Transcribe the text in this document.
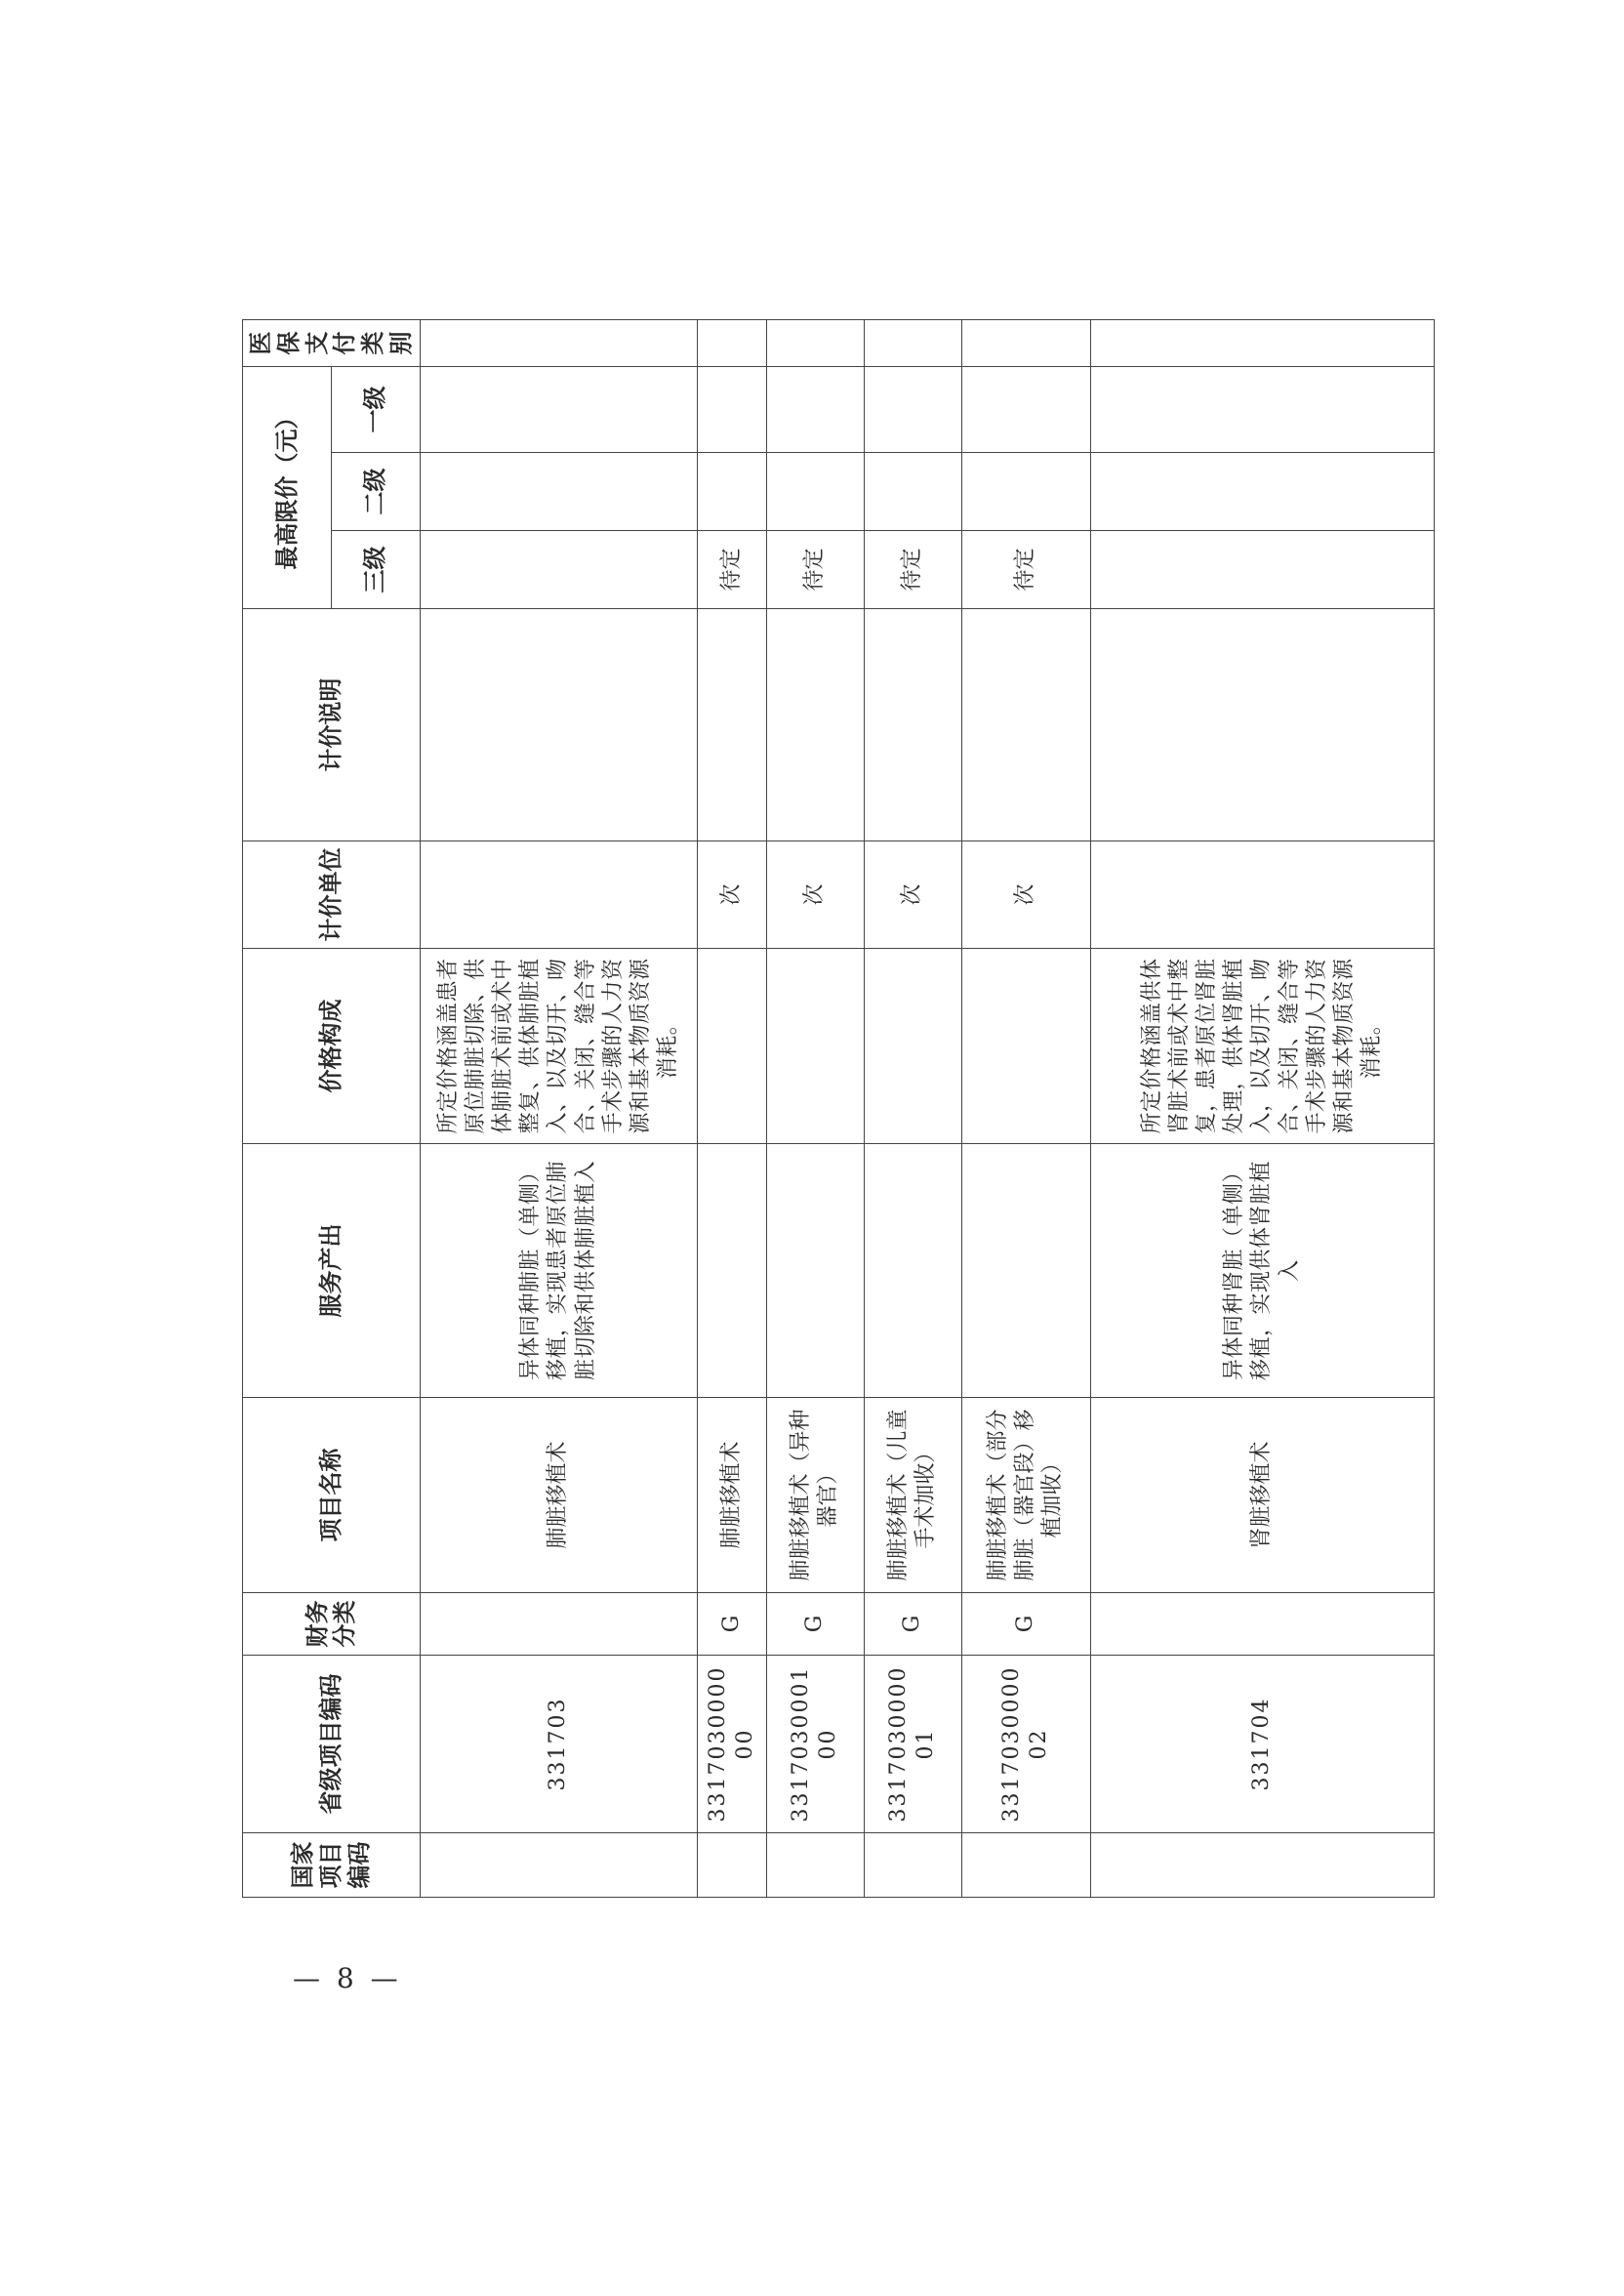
国家项目编码	省级项目编码	财务分类	项目名称	服务产出	价格构成	计价单位	计价说明	最高限价（元）			医保支付类别
								三级	二级	一级	
	331703		肺脏移植术	异体同种肺脏（单侧）移植，实现患者原位肺脏切除和供体肺脏植入	所定价格涵盖患者原位肺脏切除、供体肺脏术前或术中整复、供体肺脏植入、以及切开、吻合、关闭、缝合等手术步骤的人力资源和基本物质资源消耗。						
	331703000000	G	肺脏移植术			次		待定			
	331703000100	G	肺脏移植术（异种器官）			次		待定			
	331703000001	G	肺脏移植术（儿童手术加收）			次		待定			
	331703000002	G	肺脏移植术（部分肺脏（器官段）移植加收）			次		待定			
	331704		肾脏移植术	异体同种肾脏（单侧）移植，实现供体肾脏植入	所定价格涵盖供体肾脏术前或术中整复，患者原位肾脏处理，供体肾脏植入，以及切开、吻合、关闭、缝合等手术步骤的人力资源和基本物质资源消耗。						
— 8 —
